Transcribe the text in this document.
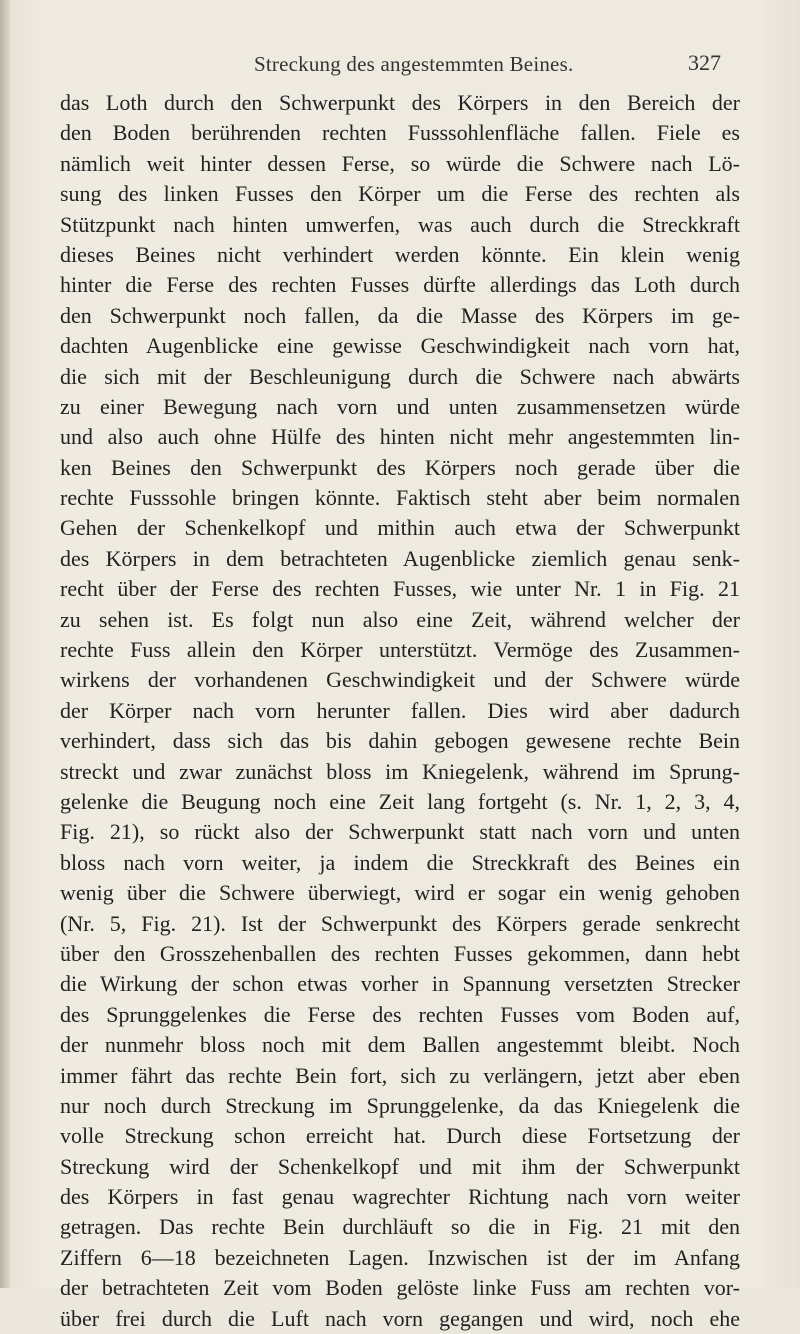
Streckung des angestemmten Beines.	327
das Loth durch den Schwerpunkt des Körpers in den Bereich der
den Boden berührenden rechten Fusssohlenfläche fallen. Fiele es
nämlich weit hinter dessen Ferse, so würde die Schwere nach Lö-
sung des linken Fusses den Körper um die Ferse des rechten als
Stützpunkt nach hinten umwerfen, was auch durch die Streckkraft
dieses Beines nicht verhindert werden könnte. Ein klein wenig
hinter die Ferse des rechten Fusses dürfte allerdings das Loth durch
den Schwerpunkt noch fallen, da die Masse des Körpers im ge-
dachten Augenblicke eine gewisse Geschwindigkeit nach vorn hat,
die sich mit der Beschleunigung durch die Schwere nach abwärts
zu einer Bewegung nach vorn und unten zusammensetzen würde
und also auch ohne Hülfe des hinten nicht mehr angestemmten lin-
ken Beines den Schwerpunkt des Körpers noch gerade über die
rechte Fusssohle bringen könnte. Faktisch steht aber beim normalen
Gehen der Schenkelkopf und mithin auch etwa der Schwerpunkt
des Körpers in dem betrachteten Augenblicke ziemlich genau senk-
recht über der Ferse des rechten Fusses, wie unter Nr. 1 in Fig. 21
zu sehen ist. Es folgt nun also eine Zeit, während welcher der
rechte Fuss allein den Körper unterstützt. Vermöge des Zusammen-
wirkens der vorhandenen Geschwindigkeit und der Schwere würde
der Körper nach vorn herunter fallen. Dies wird aber dadurch
verhindert, dass sich das bis dahin gebogen gewesene rechte Bein
streckt und zwar zunächst bloss im Kniegelenk, während im Sprung-
gelenke die Beugung noch eine Zeit lang fortgeht (s. Nr. 1, 2, 3, 4,
Fig. 21), so rückt also der Schwerpunkt statt nach vorn und unten
bloss nach vorn weiter, ja indem die Streckkraft des Beines ein
wenig über die Schwere überwiegt, wird er sogar ein wenig gehoben
(Nr. 5, Fig. 21). Ist der Schwerpunkt des Körpers gerade senkrecht
über den Grosszehenballen des rechten Fusses gekommen, dann hebt
die Wirkung der schon etwas vorher in Spannung versetzten Strecker
des Sprunggelenkes die Ferse des rechten Fusses vom Boden auf,
der nunmehr bloss noch mit dem Ballen angestemmt bleibt. Noch
immer fährt das rechte Bein fort, sich zu verlängern, jetzt aber eben
nur noch durch Streckung im Sprunggelenke, da das Kniegelenk die
volle Streckung schon erreicht hat. Durch diese Fortsetzung der
Streckung wird der Schenkelkopf und mit ihm der Schwerpunkt
des Körpers in fast genau wagrechter Richtung nach vorn weiter
getragen. Das rechte Bein durchläuft so die in Fig. 21 mit den
Ziffern 6—18 bezeichneten Lagen. Inzwischen ist der im Anfang
der betrachteten Zeit vom Boden gelöste linke Fuss am rechten vor-
über frei durch die Luft nach vorn gegangen und wird, noch ehe
